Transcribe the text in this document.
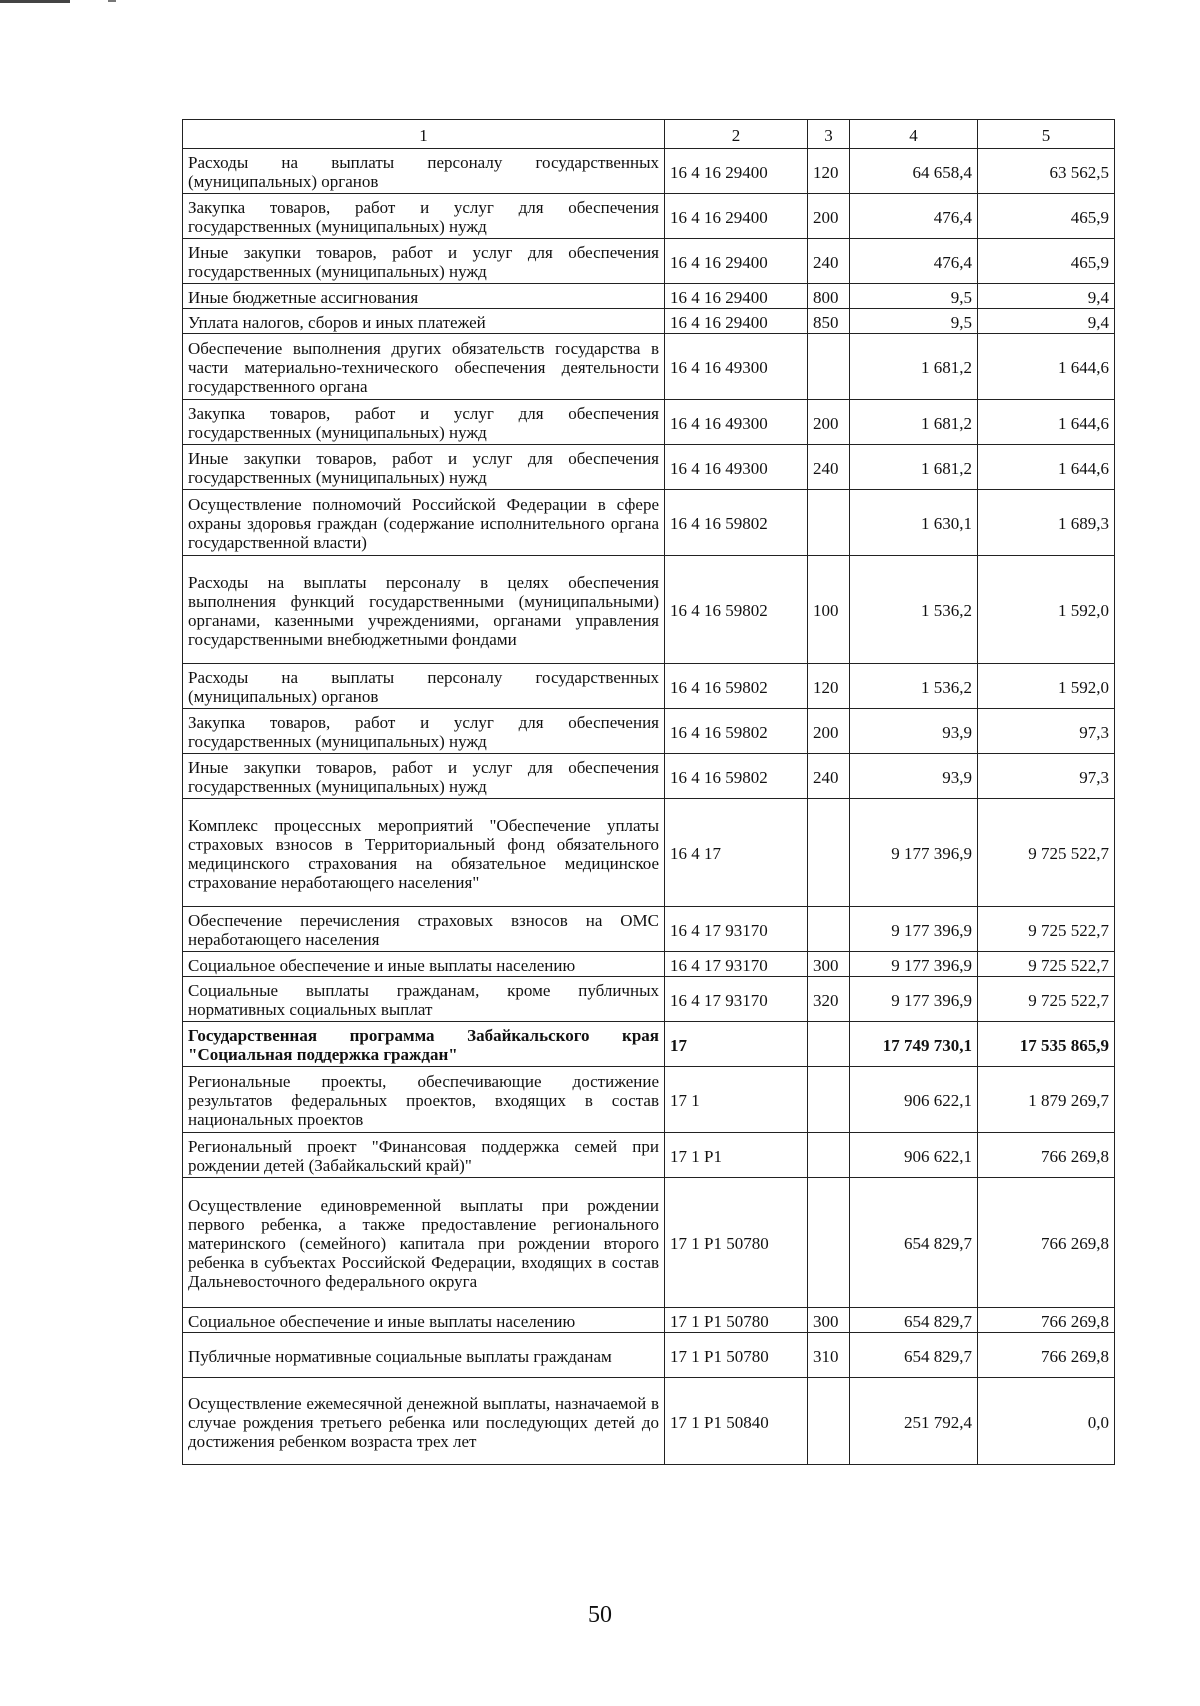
1	2	3	4	5
Расходы на выплаты персоналу государственных (муниципальных) органов	16 4 16 29400	120	64 658,4	63 562,5
Закупка товаров, работ и услуг для обеспечения государственных (муниципальных) нужд	16 4 16 29400	200	476,4	465,9
Иные закупки товаров, работ и услуг для обеспечения государственных (муниципальных) нужд	16 4 16 29400	240	476,4	465,9
Иные бюджетные ассигнования	16 4 16 29400	800	9,5	9,4
Уплата налогов, сборов и иных платежей	16 4 16 29400	850	9,5	9,4
Обеспечение выполнения других обязательств государства в части материально-технического обеспечения деятельности государственного органа	16 4 16 49300		1 681,2	1 644,6
Закупка товаров, работ и услуг для обеспечения государственных (муниципальных) нужд	16 4 16 49300	200	1 681,2	1 644,6
Иные закупки товаров, работ и услуг для обеспечения государственных (муниципальных) нужд	16 4 16 49300	240	1 681,2	1 644,6
Осуществление полномочий Российской Федерации в сфере охраны здоровья граждан (содержание исполнительного органа государственной власти)	16 4 16 59802		1 630,1	1 689,3
Расходы на выплаты персоналу в целях обеспечения выполнения функций государственными (муниципальными) органами, казенными учреждениями, органами управления государственными внебюджетными фондами	16 4 16 59802	100	1 536,2	1 592,0
Расходы на выплаты персоналу государственных (муниципальных) органов	16 4 16 59802	120	1 536,2	1 592,0
Закупка товаров, работ и услуг для обеспечения государственных (муниципальных) нужд	16 4 16 59802	200	93,9	97,3
Иные закупки товаров, работ и услуг для обеспечения государственных (муниципальных) нужд	16 4 16 59802	240	93,9	97,3
Комплекс процессных мероприятий "Обеспечение уплаты страховых взносов в Территориальный фонд обязательного медицинского страхования на обязательное медицинское страхование неработающего населения"	16 4 17		9 177 396,9	9 725 522,7
Обеспечение перечисления страховых взносов на ОМС неработающего населения	16 4 17 93170		9 177 396,9	9 725 522,7
Социальное обеспечение и иные выплаты населению	16 4 17 93170	300	9 177 396,9	9 725 522,7
Социальные выплаты гражданам, кроме публичных нормативных социальных выплат	16 4 17 93170	320	9 177 396,9	9 725 522,7
Государственная программа Забайкальского края "Социальная поддержка граждан"	17		17 749 730,1	17 535 865,9
Региональные проекты, обеспечивающие достижение результатов федеральных проектов, входящих в состав национальных проектов	17 1		906 622,1	1 879 269,7
Региональный проект "Финансовая поддержка семей при рождении детей (Забайкальский край)"	17 1 P1		906 622,1	766 269,8
Осуществление единовременной выплаты при рождении первого ребенка, а также предоставление регионального материнского (семейного) капитала при рождении второго ребенка в субъектах Российской Федерации, входящих в состав Дальневосточного федерального округа	17 1 P1 50780		654 829,7	766 269,8
Социальное обеспечение и иные выплаты населению	17 1 P1 50780	300	654 829,7	766 269,8
Публичные нормативные социальные выплаты гражданам	17 1 P1 50780	310	654 829,7	766 269,8
Осуществление ежемесячной денежной выплаты, назначаемой в случае рождения третьего ребенка или последующих детей до достижения ребенком возраста трех лет	17 1 P1 50840		251 792,4	0,0
50
